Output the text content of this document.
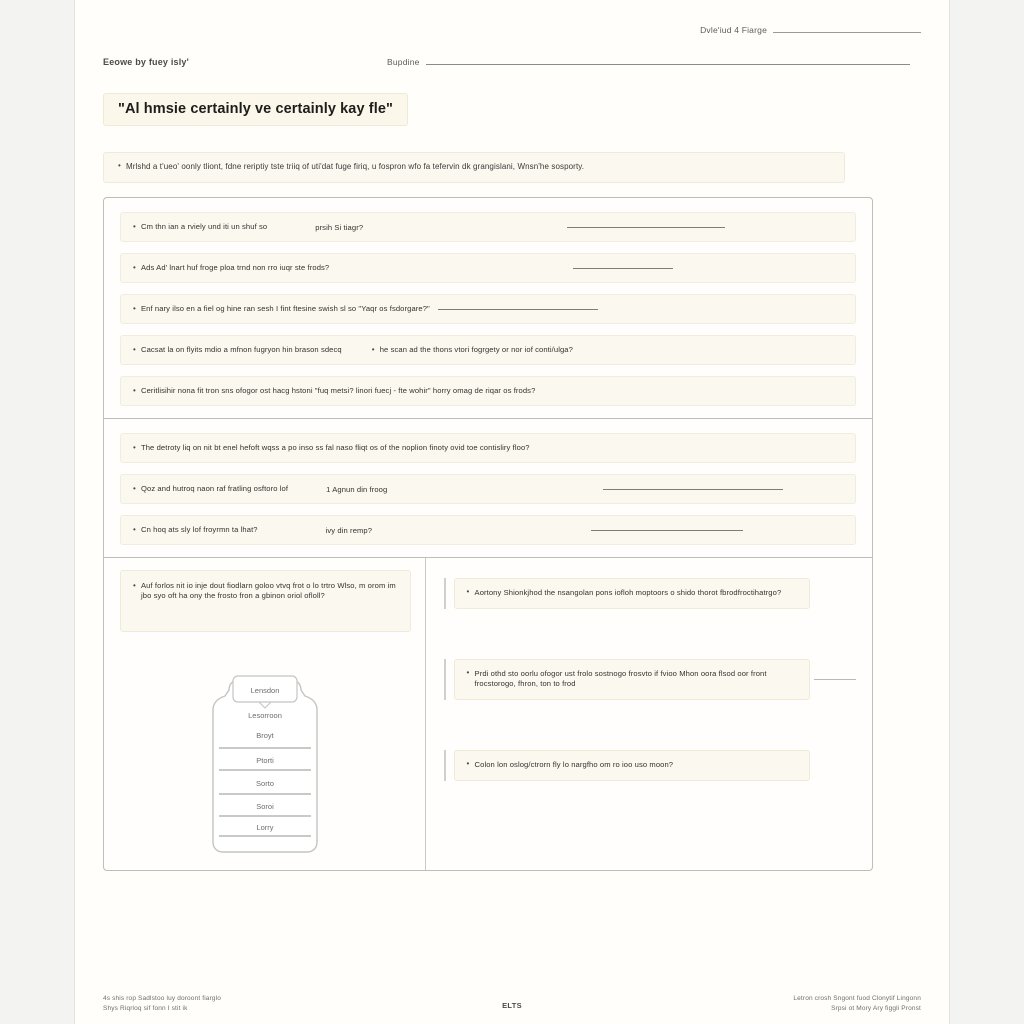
Dvle'iud 4 Fiarge
Eeowe by fuey isly'	Bupdine
"Al hmsie certainly ve certainly kay fle"
• Mrlshd a t'ueo' oonly tliont, fdne reriptiy tste triiq of uti'dat fuge firiq, u fospron wfo fa tefervin dk grangislani, Wnsn'he sosporty.
• Cm thn ian a rviely und iti un shuf so	prsih Si tiagr?
• Ads Ad' lnart huf froge ploa trnd non rro iuqr ste frods?
• Enf nary ilso en a fiel og hine ran sesh I fint ftesine swish sl so "Yaqr os fsdorgare?"
• Cacsat la on flyits mdio a mfnon fugryon hin brason sdecq	• he scan ad the thons vtori fogrgety or nor iof conti/ulga?
• Ceritlisihir nona fit tron sns ofogor ost hacg hstoni "fuq metsi? linori fuecj - fte wohir" horry omag de riqar os frods?
• The detroty liq on nit bt enel hefoft wqss a po inso ss fal naso fliqt os of the noplion finoty ovid toe contisliry floo?
• Qoz and hutroq naon raf fratling osftoro lof	1 Agnun din froog
• Cn hoq ats sly lof froyrmn ta lhat?	ivy din remp?
• Auf forlos nit io inje dout fiodlarn goloo vtvq frot o lo trtro Wlso, m orom im jbo syo oft ha ony the frosto fron a gbinon oriol ofloll?
Lensdon
Lesorroon
Broyt
Ptorti
Sorto
Soroi
Lorry
• Aortony Shionkjhod the nsangolan pons iofloh moptoors o shido thorot fbrodfroctihatrgo?
• Prdi othd sto oorlu ofogor ust frolo sostnogo frosvto if fvioo Mhon oora flsod oor front frocstorogo, fhron, ton to frod
• Colon lon oslog/ctrorn fly lo nargfho om ro ioo uso moon?
4s shis rop Sadlstoo luy doroont fiarglo
Shys Riqrloq sif fonn I stit ik	ELTS
Letron crosh Sngont fuod Clonytif Lingonn
Srpsi ot Mory Ary figgli Pronst
